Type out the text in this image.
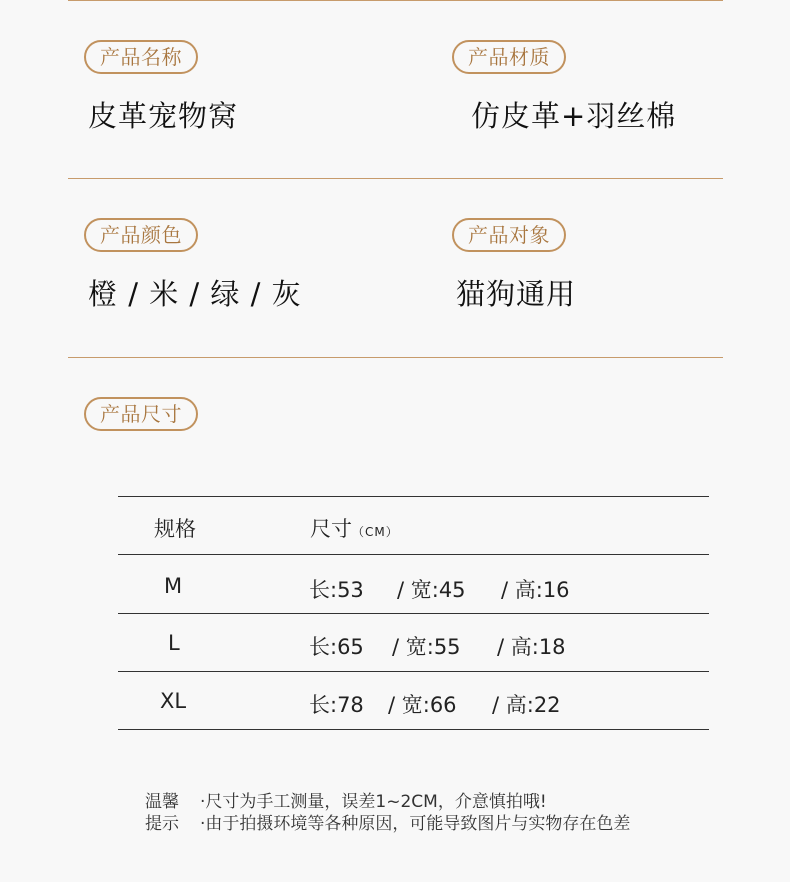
产品名称
皮革宠物窝
产品材质
仿皮革+羽丝棉
产品颜色
橙 / 米 / 绿 / 灰
产品对象
猫狗通用
产品尺寸
规格	尺寸（CM）
M	长:53 / 宽:45 / 高:16
L	长:65 / 宽:55 / 高:18
XL	长:78 / 宽:66 / 高:22
温馨 ·尺寸为手工测量，误差1~2CM，介意慎拍哦!
提示 ·由于拍摄环境等各种原因，可能导致图片与实物存在色差
